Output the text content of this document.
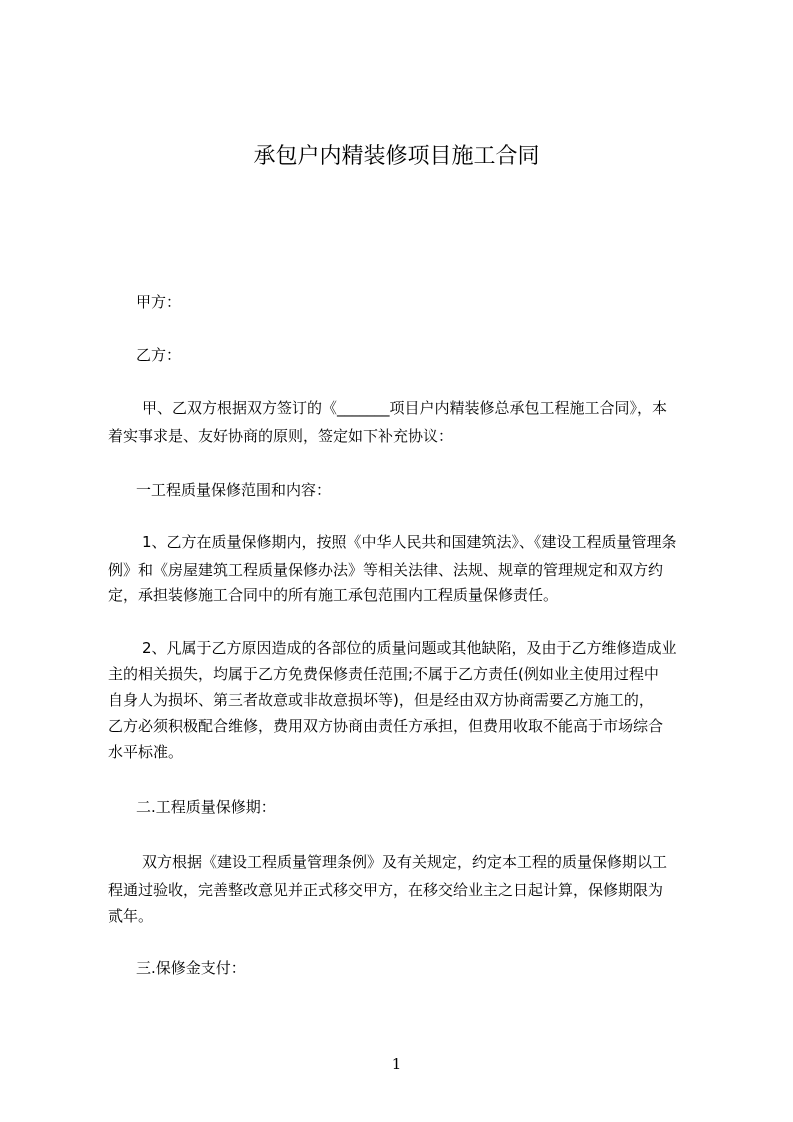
承包户内精装修项目施工合同
甲方：
乙方：
甲、乙双方根据双方签订的《_______项目户内精装修总承包工程施工合同》，本
着实事求是、友好协商的原则，签定如下补充协议：
一工程质量保修范围和内容：
1、乙方在质量保修期内，按照《中华人民共和国建筑法》、《建设工程质量管理条
例》和《房屋建筑工程质量保修办法》等相关法律、法规、规章的管理规定和双方约
定，承担装修施工合同中的所有施工承包范围内工程质量保修责任。
2、凡属于乙方原因造成的各部位的质量问题或其他缺陷，及由于乙方维修造成业
主的相关损失，均属于乙方免费保修责任范围;不属于乙方责任(例如业主使用过程中
自身人为损坏、第三者故意或非故意损坏等)，但是经由双方协商需要乙方施工的，
乙方必须积极配合维修，费用双方协商由责任方承担，但费用收取不能高于市场综合
水平标准。
二.工程质量保修期：
双方根据《建设工程质量管理条例》及有关规定，约定本工程的质量保修期以工
程通过验收，完善整改意见并正式移交甲方，在移交给业主之日起计算，保修期限为
贰年。
三.保修金支付：
1
